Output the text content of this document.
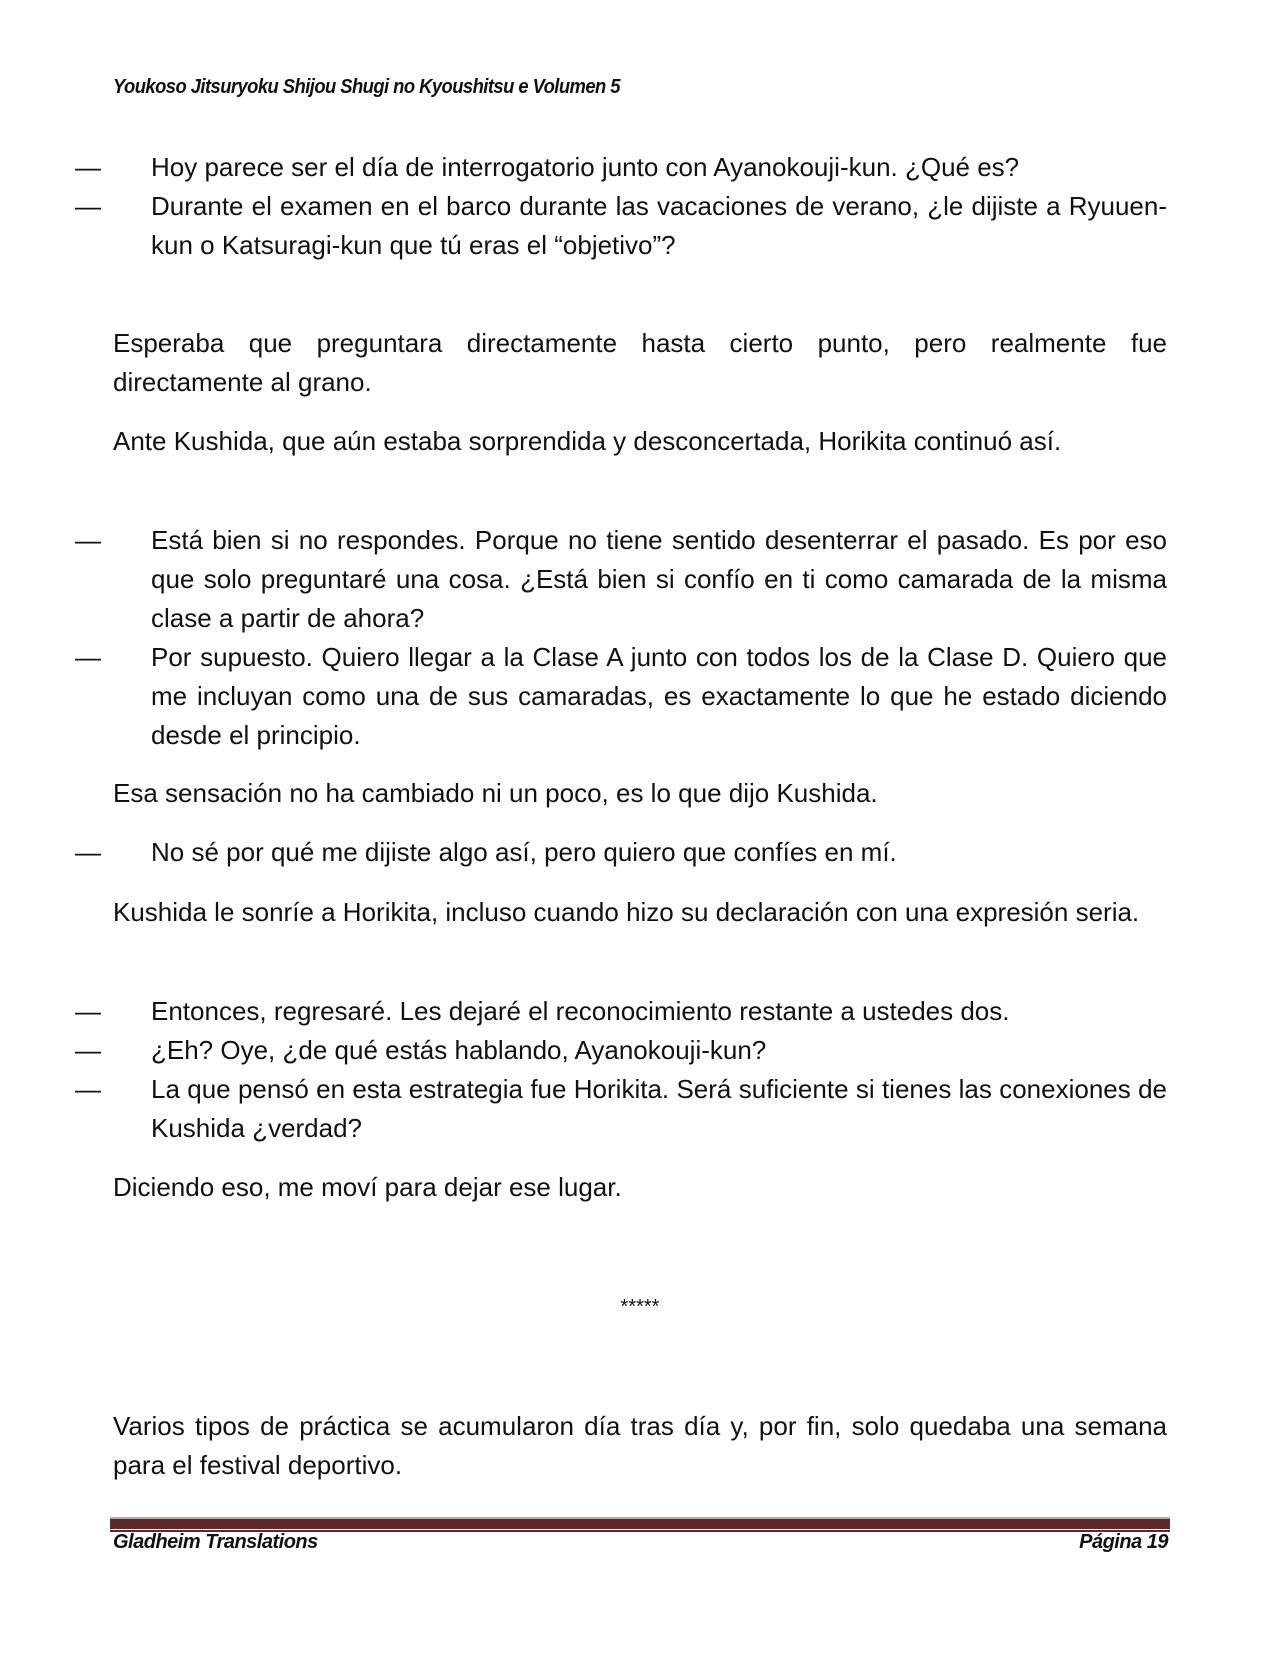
Youkoso Jitsuryoku Shijou Shugi no Kyoushitsu e Volumen 5
— Hoy parece ser el día de interrogatorio junto con Ayanokouji-kun. ¿Qué es?
— Durante el examen en el barco durante las vacaciones de verano, ¿le dijiste a Ryuuen-kun o Katsuragi-kun que tú eras el “objetivo”?

Esperaba que preguntara directamente hasta cierto punto, pero realmente fue directamente al grano.

Ante Kushida, que aún estaba sorprendida y desconcertada, Horikita continuó así.

— Está bien si no respondes. Porque no tiene sentido desenterrar el pasado. Es por eso que solo preguntaré una cosa. ¿Está bien si confío en ti como camarada de la misma clase a partir de ahora?
— Por supuesto. Quiero llegar a la Clase A junto con todos los de la Clase D. Quiero que me incluyan como una de sus camaradas, es exactamente lo que he estado diciendo desde el principio.

Esa sensación no ha cambiado ni un poco, es lo que dijo Kushida.

— No sé por qué me dijiste algo así, pero quiero que confíes en mí.

Kushida le sonríe a Horikita, incluso cuando hizo su declaración con una expresión seria.

— Entonces, regresaré. Les dejaré el reconocimiento restante a ustedes dos.
— ¿Eh? Oye, ¿de qué estás hablando, Ayanokouji-kun?
— La que pensó en esta estrategia fue Horikita. Será suficiente si tienes las conexiones de Kushida ¿verdad?

Diciendo eso, me moví para dejar ese lugar.

*****

Varios tipos de práctica se acumularon día tras día y, por fin, solo quedaba una semana para el festival deportivo.

Gladheim Translations	Página 19
